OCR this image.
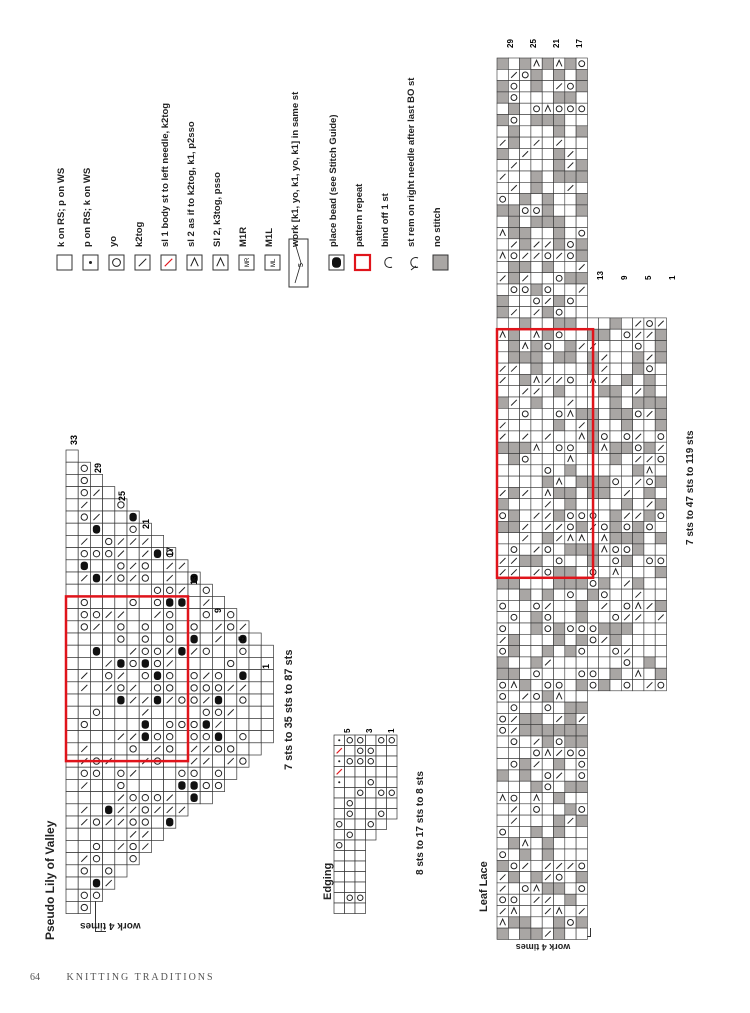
Pseudo Lily of Valley work 4 times
33
29
25
21
17
13
9
5
1 7 sts to 35 sts to 87 sts
Edging
5 3 1
8 sts to 17 sts to 8 sts
MR	ML	5
k on RS; p on WS p on RS; k on WS yo k2tog sl 1 body st to left needle, k2tog sl 2 as if to k2tog, k1, p2sso Sl 2, k3tog, psso M1R M1L work [k1, yo, k1, yo, k1] in same st	place bead (see Stitch Guide) pattern repeat bind off 1 st st rem on right needle after last BO st no stitch
Leaf Lace
work 4 times
29 25 21 17
13 9 5 1
7 sts to 47 sts to 119 sts
64	KNITTING TRADITIONS
